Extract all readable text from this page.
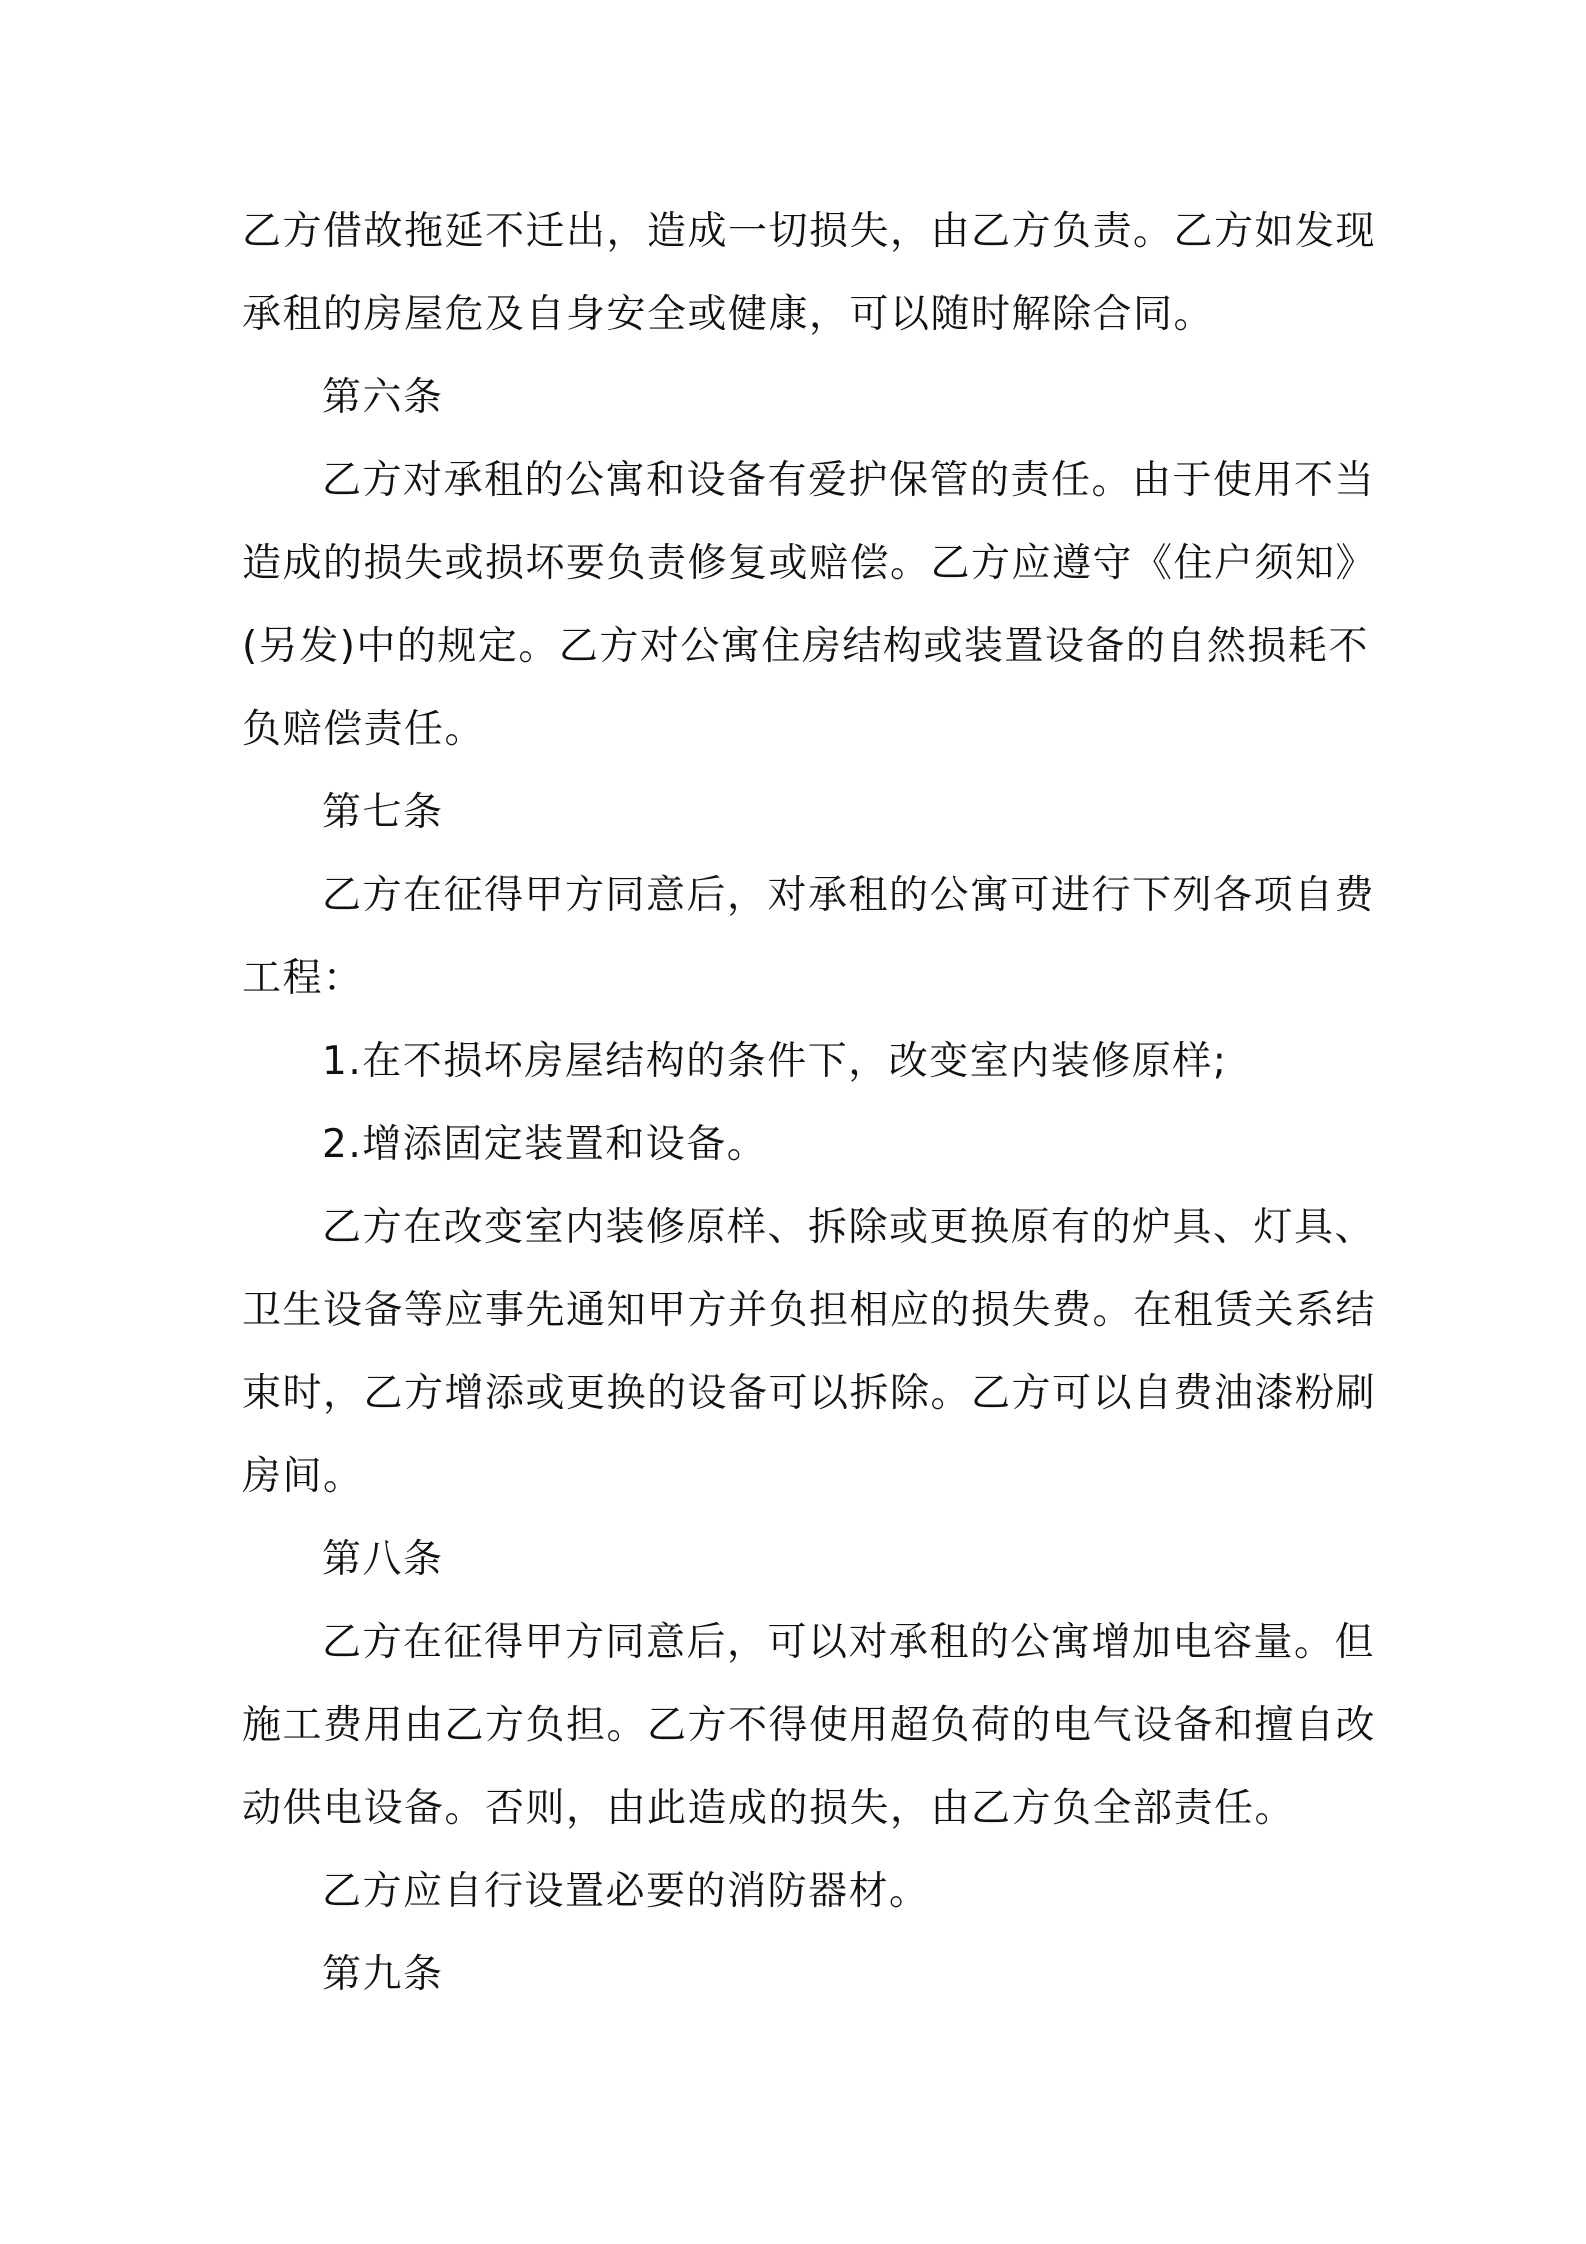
乙方借故拖延不迁出，造成一切损失，由乙方负责。乙方如发现
承租的房屋危及自身安全或健康，可以随时解除合同。
第六条
乙方对承租的公寓和设备有爱护保管的责任。由于使用不当
造成的损失或损坏要负责修复或赔偿。乙方应遵守《住户须知》
(另发)中的规定。乙方对公寓住房结构或装置设备的自然损耗不
负赔偿责任。
第七条
乙方在征得甲方同意后，对承租的公寓可进行下列各项自费
工程：
1.在不损坏房屋结构的条件下，改变室内装修原样;
2.增添固定装置和设备。
乙方在改变室内装修原样、拆除或更换原有的炉具、灯具、
卫生设备等应事先通知甲方并负担相应的损失费。在租赁关系结
束时，乙方增添或更换的设备可以拆除。乙方可以自费油漆粉刷
房间。
第八条
乙方在征得甲方同意后，可以对承租的公寓增加电容量。但
施工费用由乙方负担。乙方不得使用超负荷的电气设备和擅自改
动供电设备。否则，由此造成的损失，由乙方负全部责任。
乙方应自行设置必要的消防器材。
第九条
